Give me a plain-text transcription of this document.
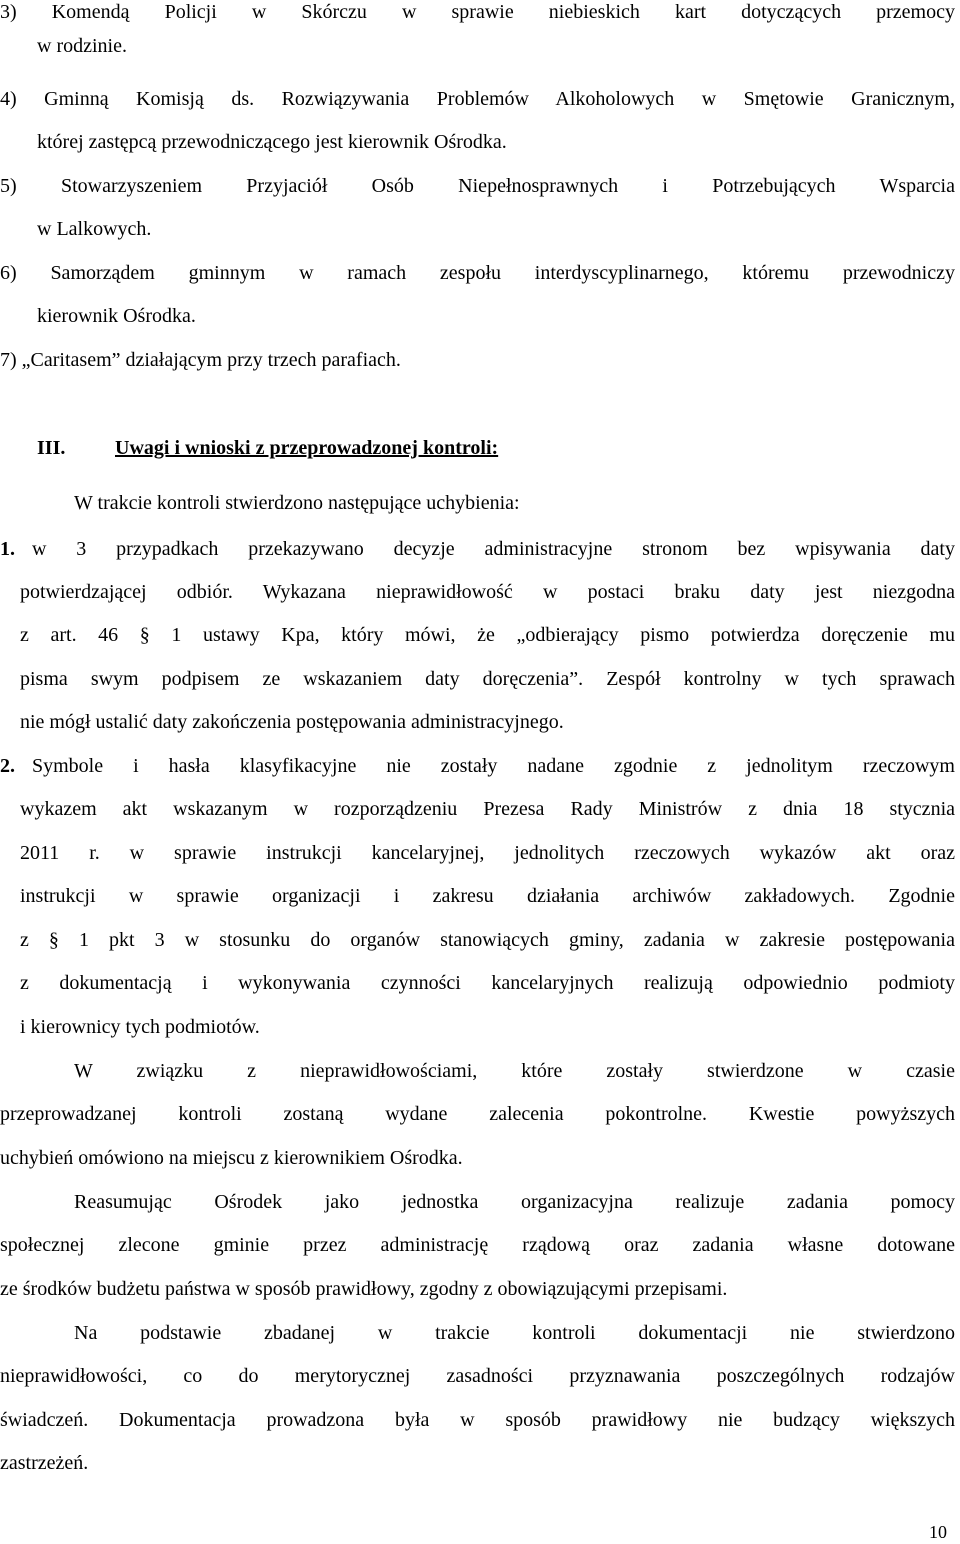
3) Komendą Policji w Skórczu w sprawie niebieskich kart dotyczących przemocy
w rodzinie.
4) Gminną Komisją ds. Rozwiązywania Problemów Alkoholowych w Smętowie Granicznym,
której zastępcą przewodniczącego jest kierownik Ośrodka.
5) Stowarzyszeniem Przyjaciół Osób Niepełnosprawnych i Potrzebujących Wsparcia
w Lalkowych.
6) Samorządem gminnym w ramach zespołu interdyscyplinarnego, któremu przewodniczy
kierownik Ośrodka.
7) „Caritasem” działającym przy trzech parafiach.
III. Uwagi i wnioski z przeprowadzonej kontroli:
W trakcie kontroli stwierdzono następujące uchybienia:
1. w 3 przypadkach przekazywano decyzje administracyjne stronom bez wpisywania daty
potwierdzającej odbiór. Wykazana nieprawidłowość w postaci braku daty jest niezgodna
z art. 46 § 1 ustawy Kpa, który mówi, że „odbierający pismo potwierdza doręczenie mu
pisma swym podpisem ze wskazaniem daty doręczenia”. Zespół kontrolny w tych sprawach
nie mógł ustalić daty zakończenia postępowania administracyjnego.
2. Symbole i hasła klasyfikacyjne nie zostały nadane zgodnie z jednolitym rzeczowym
wykazem akt wskazanym w rozporządzeniu Prezesa Rady Ministrów z dnia 18 stycznia
2011 r. w sprawie instrukcji kancelaryjnej, jednolitych rzeczowych wykazów akt oraz
instrukcji w sprawie organizacji i zakresu działania archiwów zakładowych. Zgodnie
z § 1 pkt 3 w stosunku do organów stanowiących gminy, zadania w zakresie postępowania
z dokumentacją i wykonywania czynności kancelaryjnych realizują odpowiednio podmioty
i kierownicy tych podmiotów.
W związku z nieprawidłowościami, które zostały stwierdzone w czasie
przeprowadzanej kontroli zostaną wydane zalecenia pokontrolne. Kwestie powyższych
uchybień omówiono na miejscu z kierownikiem Ośrodka.
Reasumując Ośrodek jako jednostka organizacyjna realizuje zadania pomocy
społecznej zlecone gminie przez administrację rządową oraz zadania własne dotowane
ze środków budżetu państwa w sposób prawidłowy, zgodny z obowiązującymi przepisami.
Na podstawie zbadanej w trakcie kontroli dokumentacji nie stwierdzono
nieprawidłowości, co do merytorycznej zasadności przyznawania poszczególnych rodzajów
świadczeń. Dokumentacja prowadzona była w sposób prawidłowy nie budzący większych
zastrzeżeń.
10
